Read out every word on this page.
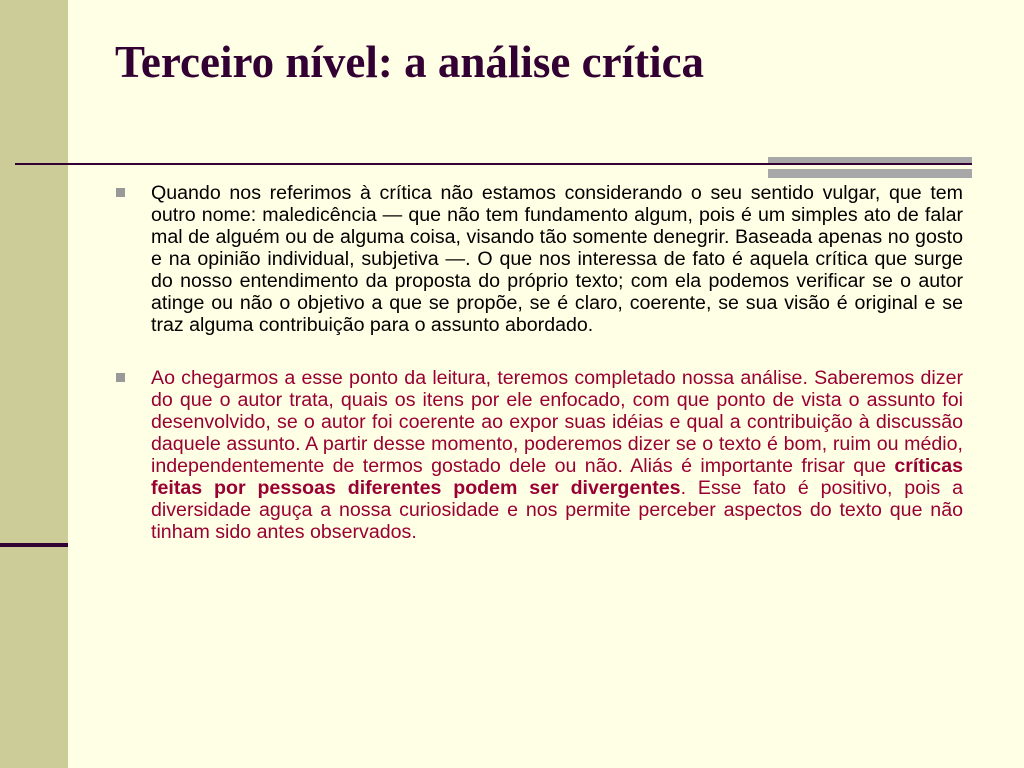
Terceiro nível: a análise crítica

Quando nos referimos à crítica não estamos considerando o seu sentido vulgar, que tem outro nome: maledicência — que não tem fundamento algum, pois é um simples ato de falar mal de alguém ou de alguma coisa, visando tão somente denegrir. Baseada apenas no gosto e na opinião individual, subjetiva —. O que nos interessa de fato é aquela crítica que surge do nosso entendimento da proposta do próprio texto; com ela podemos verificar se o autor atinge ou não o objetivo a que se propõe, se é claro, coerente, se sua visão é original e se traz alguma contribuição para o assunto abordado.

Ao chegarmos a esse ponto da leitura, teremos completado nossa análise. Saberemos dizer do que o autor trata, quais os itens por ele enfocado, com que ponto de vista o assunto foi desenvolvido, se o autor foi coerente ao expor suas idéias e qual a contribuição à discussão daquele assunto. A partir desse momento, poderemos dizer se o texto é bom, ruim ou médio, independentemente de termos gostado dele ou não. Aliás é importante frisar que críticas feitas por pessoas diferentes podem ser divergentes. Esse fato é positivo, pois a diversidade aguça a nossa curiosidade e nos permite perceber aspectos do texto que não tinham sido antes observados.
